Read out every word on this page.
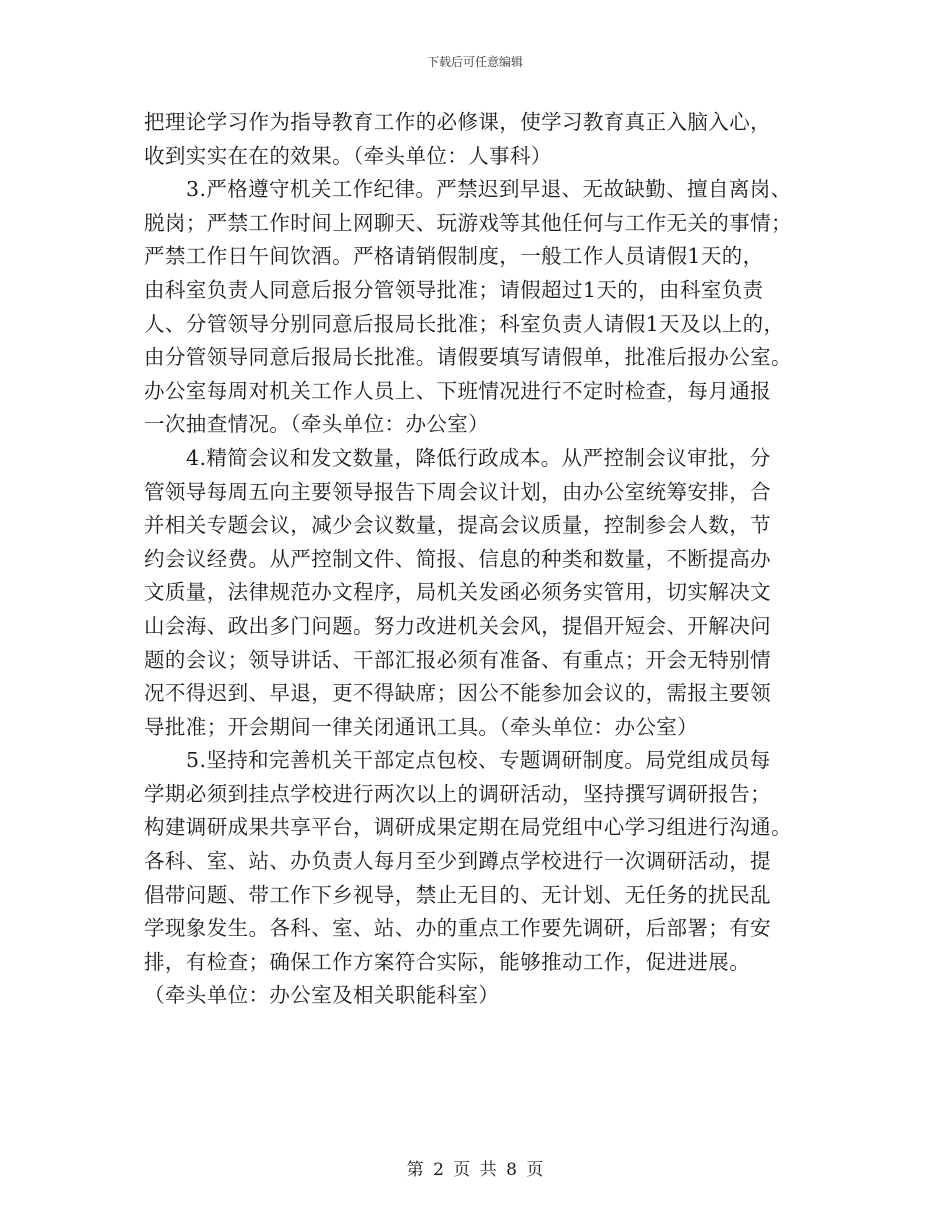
下载后可任意编辑
把理论学习作为指导教育工作的必修课，使学习教育真正入脑入心，
收到实实在在的效果。（牵头单位：人事科）
3.严格遵守机关工作纪律。严禁迟到早退、无故缺勤、擅自离岗、
脱岗；严禁工作时间上网聊天、玩游戏等其他任何与工作无关的事情；
严禁工作日午间饮酒。严格请销假制度，一般工作人员请假1天的，
由科室负责人同意后报分管领导批准；请假超过1天的，由科室负责
人、分管领导分别同意后报局长批准；科室负责人请假1天及以上的，
由分管领导同意后报局长批准。请假要填写请假单，批准后报办公室。
办公室每周对机关工作人员上、下班情况进行不定时检查，每月通报
一次抽查情况。（牵头单位：办公室）
4.精简会议和发文数量，降低行政成本。从严控制会议审批，分
管领导每周五向主要领导报告下周会议计划，由办公室统筹安排，合
并相关专题会议，减少会议数量，提高会议质量，控制参会人数，节
约会议经费。从严控制文件、简报、信息的种类和数量，不断提高办
文质量，法律规范办文程序，局机关发函必须务实管用，切实解决文
山会海、政出多门问题。努力改进机关会风，提倡开短会、开解决问
题的会议；领导讲话、干部汇报必须有准备、有重点；开会无特别情
况不得迟到、早退，更不得缺席；因公不能参加会议的，需报主要领
导批准；开会期间一律关闭通讯工具。（牵头单位：办公室）
5.坚持和完善机关干部定点包校、专题调研制度。局党组成员每
学期必须到挂点学校进行两次以上的调研活动，坚持撰写调研报告；
构建调研成果共享平台，调研成果定期在局党组中心学习组进行沟通。
各科、室、站、办负责人每月至少到蹲点学校进行一次调研活动，提
倡带问题、带工作下乡视导，禁止无目的、无计划、无任务的扰民乱
学现象发生。各科、室、站、办的重点工作要先调研，后部署；有安
排，有检查；确保工作方案符合实际，能够推动工作，促进进展。
（牵头单位：办公室及相关职能科室）
第 2 页 共 8 页
